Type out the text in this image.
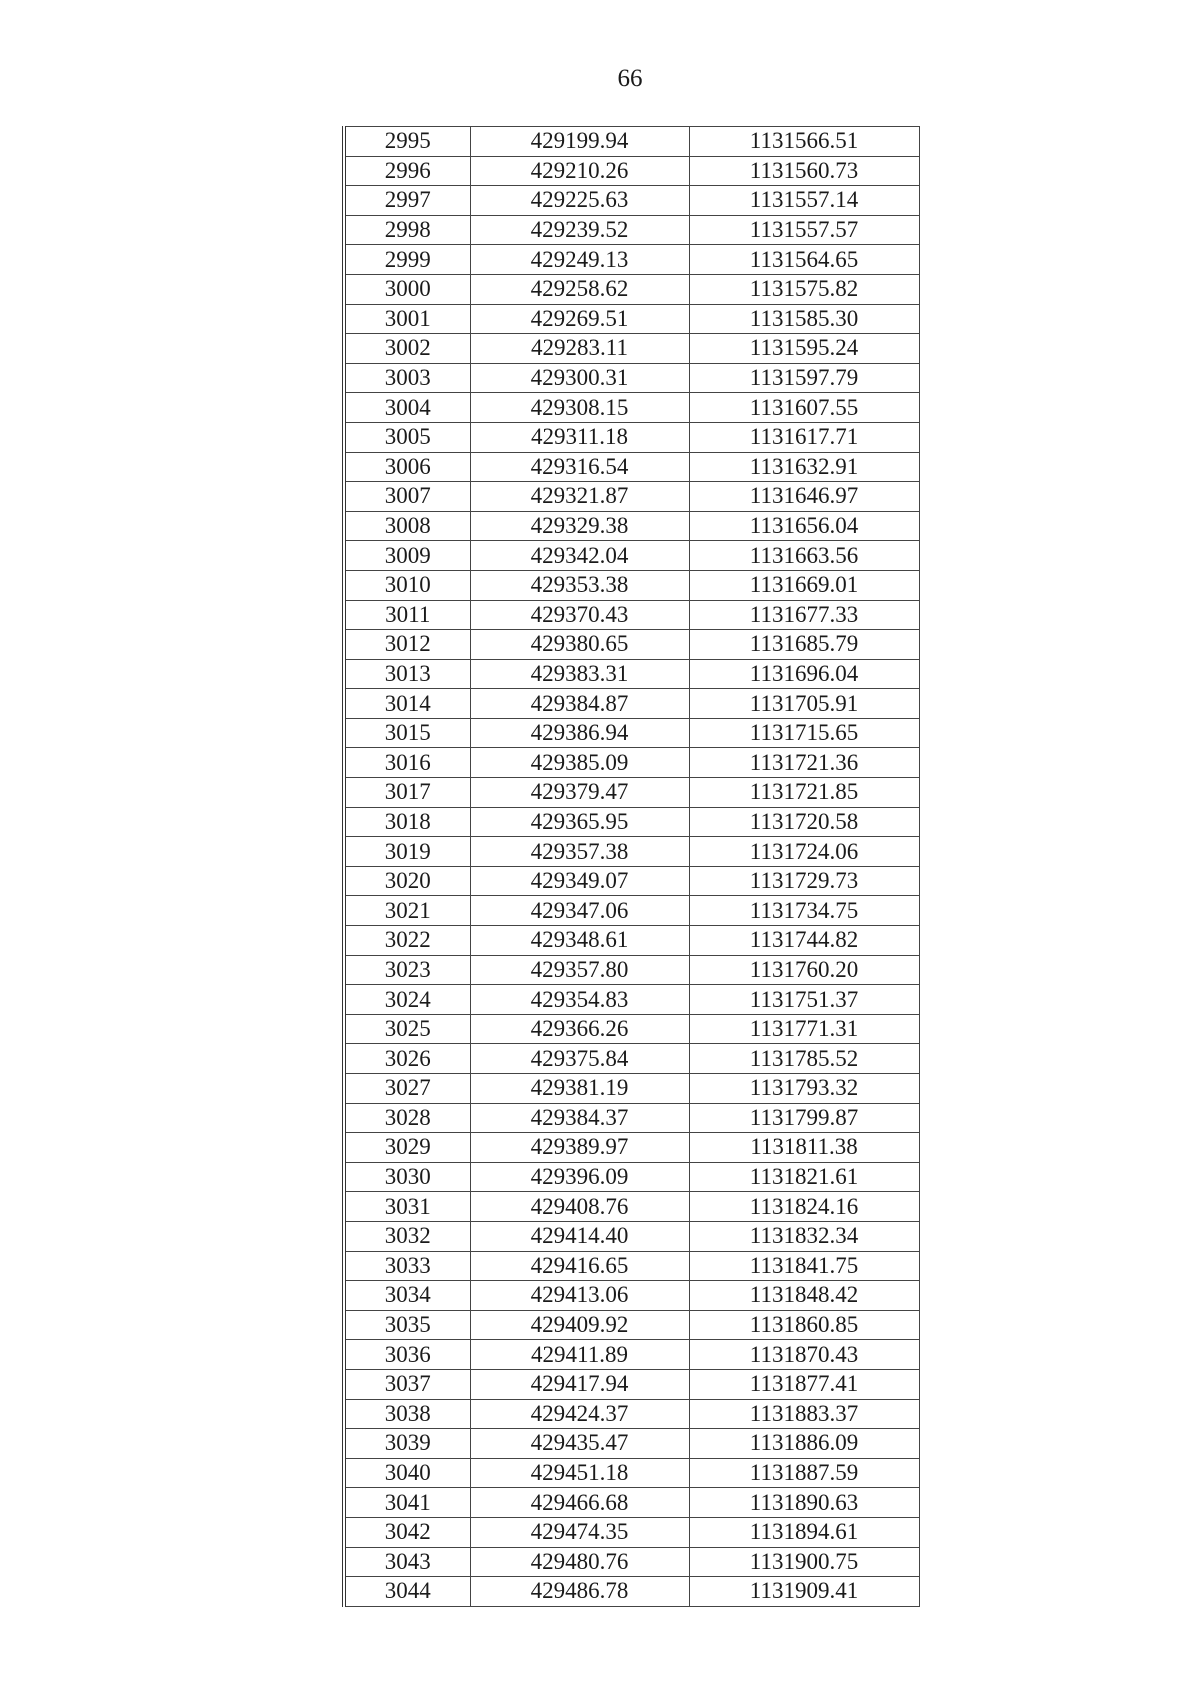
66
2995	429199.94	1131566.51
2996	429210.26	1131560.73
2997	429225.63	1131557.14
2998	429239.52	1131557.57
2999	429249.13	1131564.65
3000	429258.62	1131575.82
3001	429269.51	1131585.30
3002	429283.11	1131595.24
3003	429300.31	1131597.79
3004	429308.15	1131607.55
3005	429311.18	1131617.71
3006	429316.54	1131632.91
3007	429321.87	1131646.97
3008	429329.38	1131656.04
3009	429342.04	1131663.56
3010	429353.38	1131669.01
3011	429370.43	1131677.33
3012	429380.65	1131685.79
3013	429383.31	1131696.04
3014	429384.87	1131705.91
3015	429386.94	1131715.65
3016	429385.09	1131721.36
3017	429379.47	1131721.85
3018	429365.95	1131720.58
3019	429357.38	1131724.06
3020	429349.07	1131729.73
3021	429347.06	1131734.75
3022	429348.61	1131744.82
3023	429357.80	1131760.20
3024	429354.83	1131751.37
3025	429366.26	1131771.31
3026	429375.84	1131785.52
3027	429381.19	1131793.32
3028	429384.37	1131799.87
3029	429389.97	1131811.38
3030	429396.09	1131821.61
3031	429408.76	1131824.16
3032	429414.40	1131832.34
3033	429416.65	1131841.75
3034	429413.06	1131848.42
3035	429409.92	1131860.85
3036	429411.89	1131870.43
3037	429417.94	1131877.41
3038	429424.37	1131883.37
3039	429435.47	1131886.09
3040	429451.18	1131887.59
3041	429466.68	1131890.63
3042	429474.35	1131894.61
3043	429480.76	1131900.75
3044	429486.78	1131909.41
